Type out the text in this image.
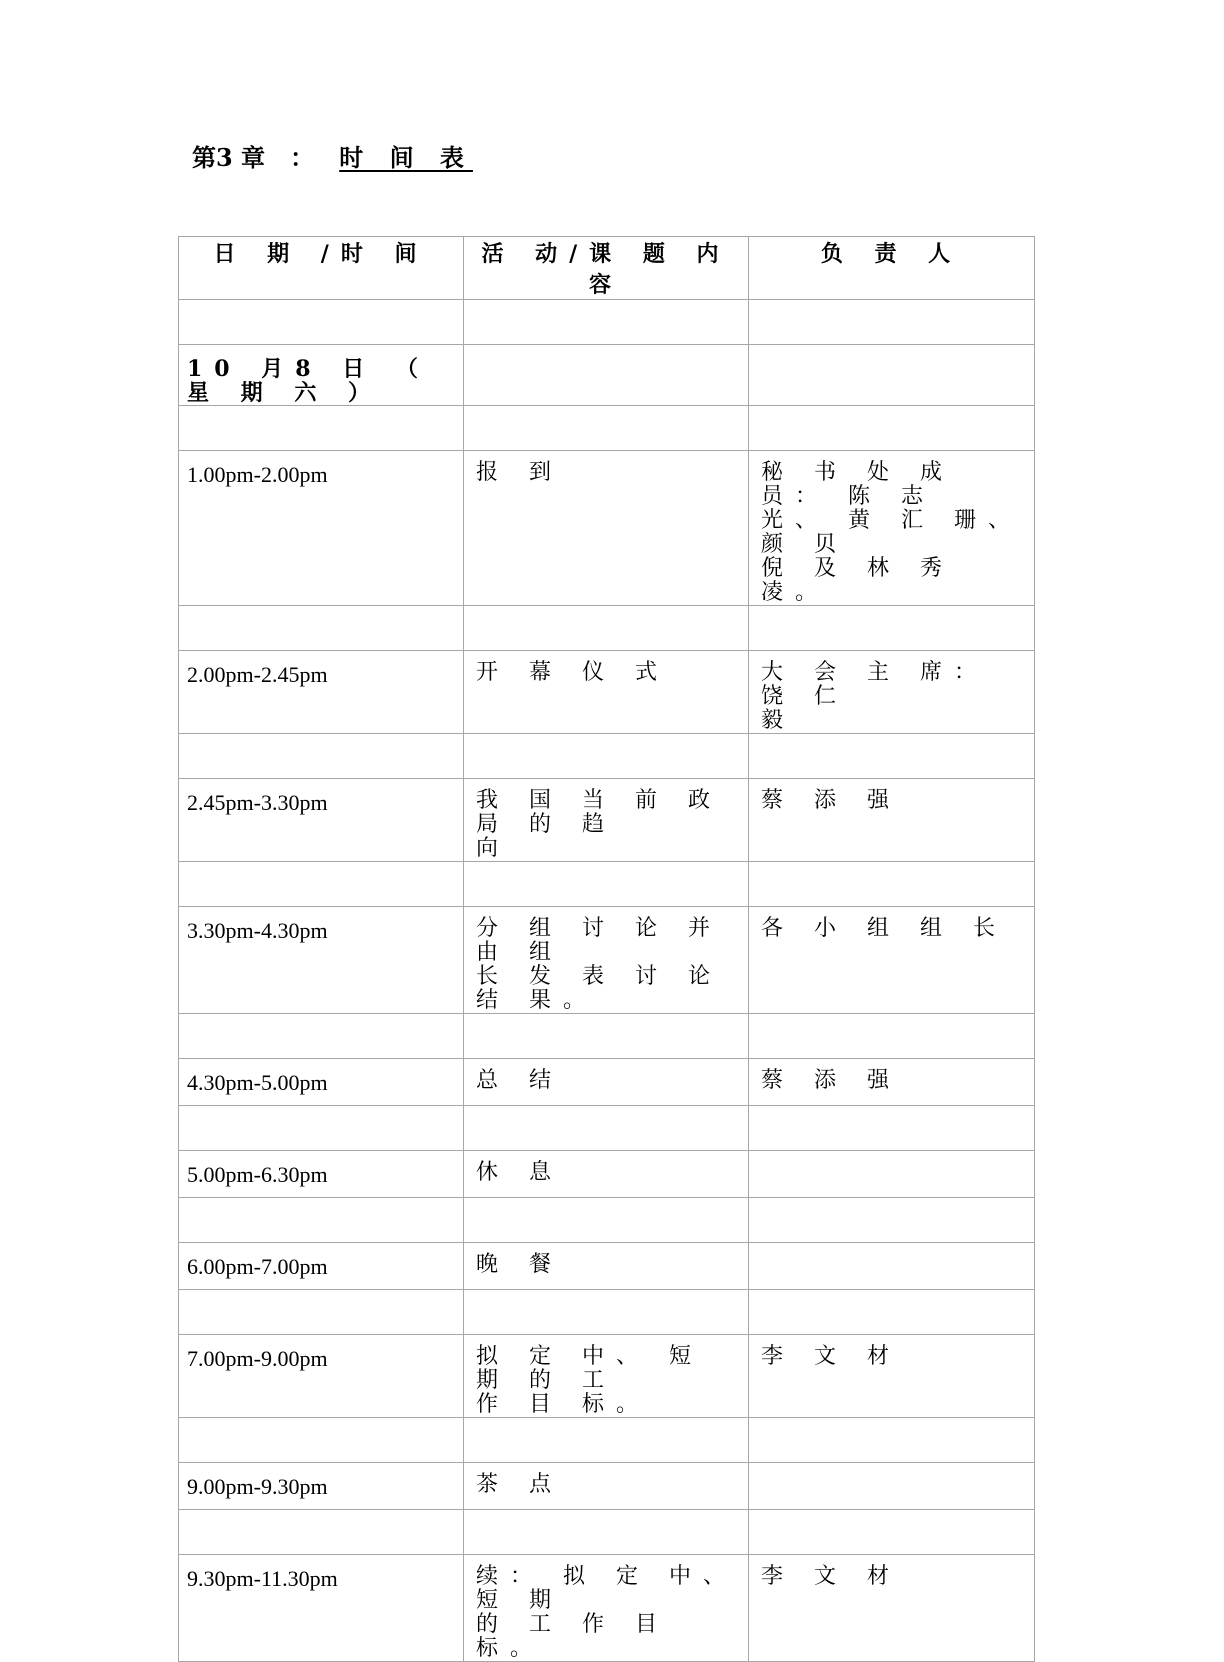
第3 章 ： 时 间 表
日 期 /时 间	活 动/课 题 内 容	负 责 人

10 月8 日 （ 星 期 六 ）		

1.00pm-2.00pm	报 到	秘 书 处 成 员： 陈 志
光、 黄 汇 珊、 颜 贝
倪 及 林 秀 凌。

2.00pm-2.45pm	开 幕 仪 式	大 会 主 席： 饶 仁
毅

2.45pm-3.30pm	我 国 当 前 政 局 的 趋
向	蔡 添 强

3.30pm-4.30pm	分 组 讨 论 并 由 组
长 发 表 讨 论 结 果。	各 小 组 组 长

4.30pm-5.00pm	总 结	蔡 添 强

5.00pm-6.30pm	休 息	

6.00pm-7.00pm	晚 餐	

7.00pm-9.00pm	拟 定 中、 短 期 的 工
作 目 标。	李 文 材

9.00pm-9.30pm	茶 点	

9.30pm-11.30pm	续： 拟 定 中、 短 期
的 工 作 目 标。	李 文 材
